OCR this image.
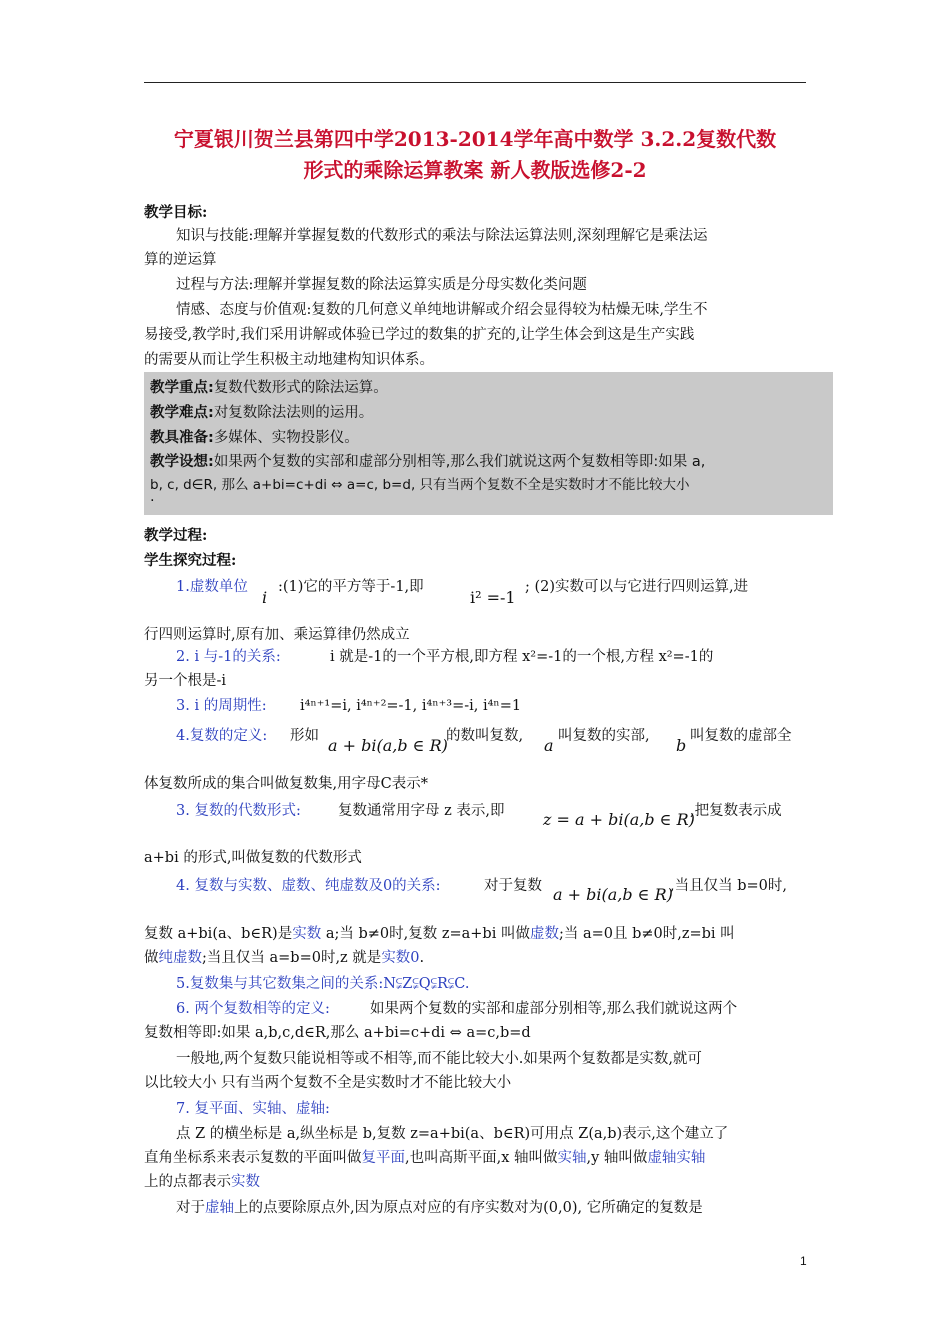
宁夏银川贺兰县第四中学2013-2014学年高中数学 3.2.2复数代数
形式的乘除运算教案 新人教版选修2-2
教学目标:
知识与技能:理解并掌握复数的代数形式的乘法与除法运算法则,深刻理解它是乘法运
算的逆运算
过程与方法:理解并掌握复数的除法运算实质是分母实数化类问题
情感、态度与价值观:复数的几何意义单纯地讲解或介绍会显得较为枯燥无味,学生不
易接受,教学时,我们采用讲解或体验已学过的数集的扩充的,让学生体会到这是生产实践
的需要从而让学生积极主动地建构知识体系。
教学重点:复数代数形式的除法运算。
教学难点:对复数除法法则的运用。
教具准备:多媒体、实物投影仪。
教学设想:如果两个复数的实部和虚部分别相等,那么我们就说这两个复数相等即:如果 a,
b, c, d∈R, 那么 a+bi=c+di ⇔ a=c, b=d, 只有当两个复数不全是实数时才不能比较大小
·
教学过程:
学生探究过程:
1.虚数单位
i
:(1)它的平方等于-1,即
i² =-1
; (2)实数可以与它进行四则运算,进
行四则运算时,原有加、乘运算律仍然成立
2. i 与-1的关系:	i 就是-1的一个平方根,即方程 x²=-1的一个根,方程 x²=-1的
另一个根是-i
3. i 的周期性: i⁴ⁿ⁺¹=i, i⁴ⁿ⁺²=-1, i⁴ⁿ⁺³=-i, i⁴ⁿ=1
4.复数的定义: 形如 a + bi(a,b ∈ R)
的数叫复数, a 叫复数的实部, b 叫复数的虚部全
体复数所成的集合叫做复数集,用字母C表示*
3. 复数的代数形式:	复数通常用字母 z 表示,即 z = a + bi(a,b ∈ R)
,把复数表示成
a+bi 的形式,叫做复数的代数形式
4. 复数与实数、虚数、纯虚数及0的关系:	对于复数 a + bi(a,b ∈ R)
,当且仅当 b=0时,
复数 a+bi(a、b∈R)是实数 a;当 b≠0时,复数 z=a+bi 叫做虚数;当 a=0且 b≠0时,z=bi 叫
做纯虚数;当且仅当 a=b=0时,z 就是实数0.
5.复数集与其它数集之间的关系:N⫋Z⫋Q⫋R⫋C.
6. 两个复数相等的定义:	如果两个复数的实部和虚部分别相等,那么我们就说这两个
复数相等即:如果 a,b,c,d∈R,那么 a+bi=c+di ⇔ a=c,b=d
一般地,两个复数只能说相等或不相等,而不能比较大小.如果两个复数都是实数,就可
以比较大小 只有当两个复数不全是实数时才不能比较大小
7. 复平面、实轴、虚轴:
点 Z 的横坐标是 a,纵坐标是 b,复数 z=a+bi(a、b∈R)可用点 Z(a,b)表示,这个建立了
直角坐标系来表示复数的平面叫做复平面,也叫高斯平面,x 轴叫做实轴,y 轴叫做虚轴实轴
上的点都表示实数
对于虚轴上的点要除原点外,因为原点对应的有序实数对为(0,0), 它所确定的复数是
1
